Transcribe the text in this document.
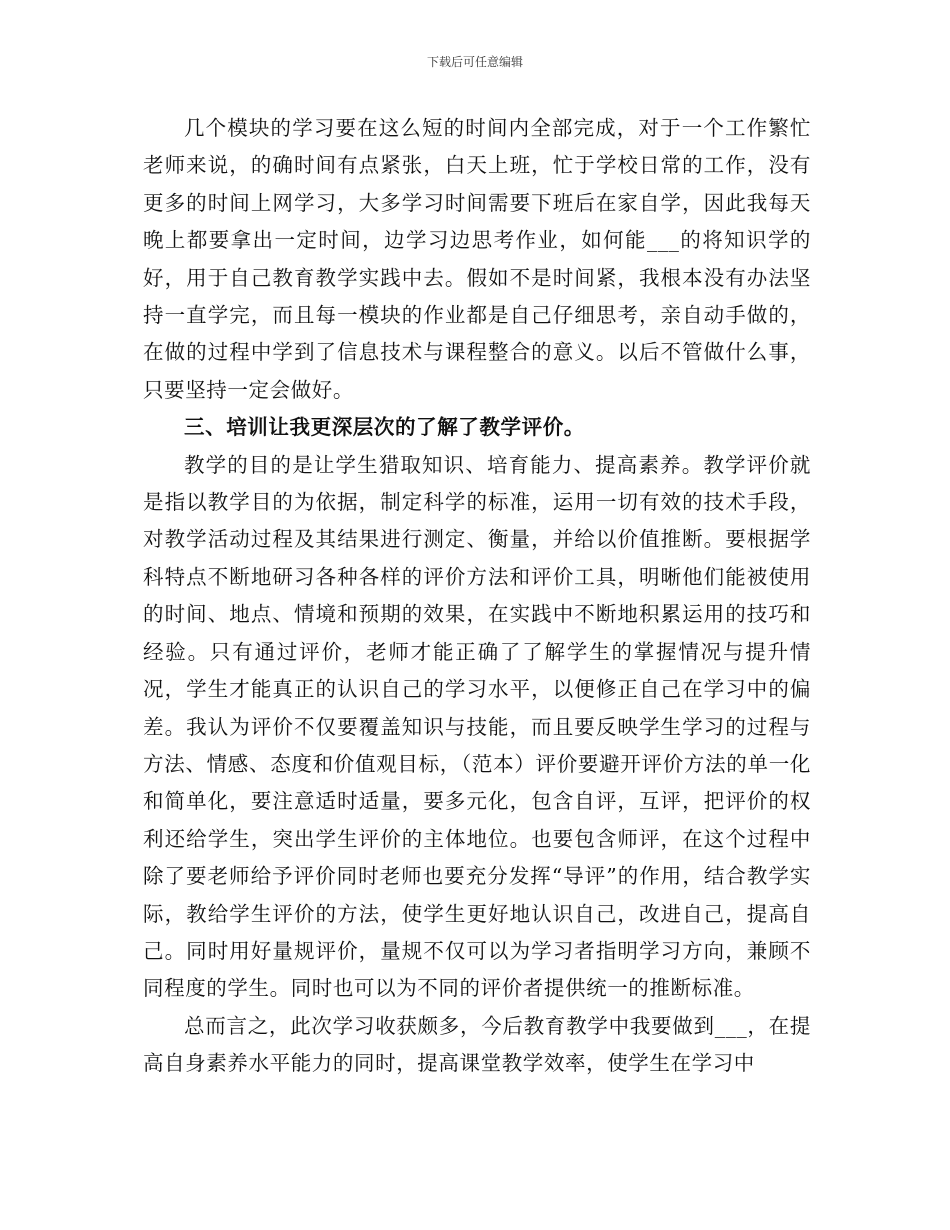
下载后可任意编辑

几个模块的学习要在这么短的时间内全部完成，对于一个工作繁忙老师来说，的确时间有点紧张，白天上班，忙于学校日常的工作，没有更多的时间上网学习，大多学习时间需要下班后在家自学，因此我每天晚上都要拿出一定时间，边学习边思考作业，如何能___的将知识学的好，用于自己教育教学实践中去。假如不是时间紧，我根本没有办法坚持一直学完，而且每一模块的作业都是自己仔细思考，亲自动手做的，在做的过程中学到了信息技术与课程整合的意义。以后不管做什么事，只要坚持一定会做好。

三、培训让我更深层次的了解了教学评价。

教学的目的是让学生猎取知识、培育能力、提高素养。教学评价就是指以教学目的为依据，制定科学的标准，运用一切有效的技术手段，对教学活动过程及其结果进行测定、衡量，并给以价值推断。要根据学科特点不断地研习各种各样的评价方法和评价工具，明晰他们能被使用的时间、地点、情境和预期的效果，在实践中不断地积累运用的技巧和经验。只有通过评价，老师才能正确了了解学生的掌握情况与提升情况，学生才能真正的认识自己的学习水平，以便修正自己在学习中的偏差。我认为评价不仅要覆盖知识与技能，而且要反映学生学习的过程与方法、情感、态度和价值观目标，（范本）评价要避开评价方法的单一化和简单化，要注意适时适量，要多元化，包含自评，互评，把评价的权利还给学生，突出学生评价的主体地位。也要包含师评，在这个过程中除了要老师给予评价同时老师也要充分发挥“导评”的作用，结合教学实际，教给学生评价的方法，使学生更好地认识自己，改进自己，提高自己。同时用好量规评价，量规不仅可以为学习者指明学习方向，兼顾不同程度的学生。同时也可以为不同的评价者提供统一的推断标准。

总而言之，此次学习收获颇多，今后教育教学中我要做到___，在提高自身素养水平能力的同时，提高课堂教学效率，使学生在学习中
